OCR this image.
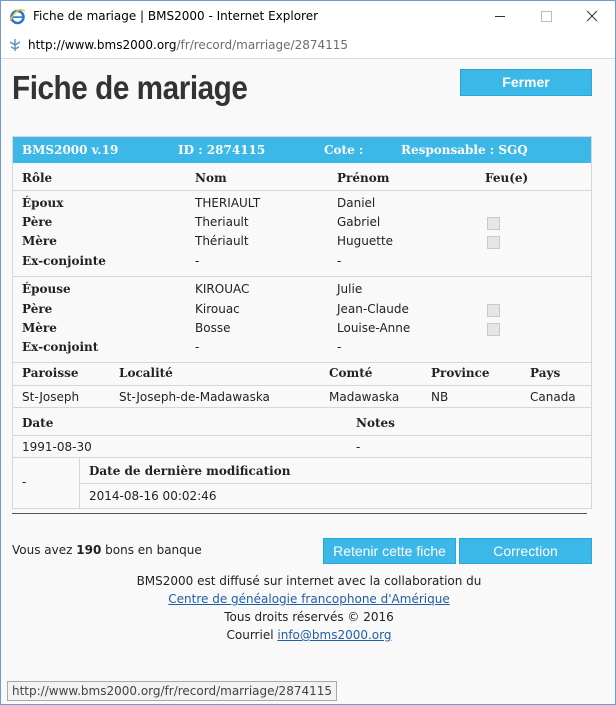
Fiche de mariage | BMS2000 - Internet Explorer
http://www.bms2000.org/fr/record/marriage/2874115
Fiche de mariage	Fermer
BMS2000 v.19	ID : 2874115	Cote :	Responsable : SGQ
Rôle	Nom	Prénom	Feu(e)
Époux	THERIAULT	Daniel
Père	Theriault	Gabriel
Mère	Thériault	Huguette
Ex-conjointe	-	-
Épouse	KIROUAC	Julie
Père	Kirouac	Jean-Claude
Mère	Bosse	Louise-Anne
Ex-conjoint	-	-
Paroisse	Localité	Comté	Province	Pays
St-Joseph	St-Joseph-de-Madawaska	Madawaska	NB	Canada
Date	Notes
1991-08-30	-
-
Date de dernière modification
2014-08-16 00:02:46
Vous avez 190 bons en banque	Retenir cette fiche	Correction
BMS2000 est diffusé sur internet avec la collaboration du
Centre de généalogie francophone d'Amérique
Tous droits réservés © 2016
Courriel info@bms2000.org
http://www.bms2000.org/fr/record/marriage/2874115
